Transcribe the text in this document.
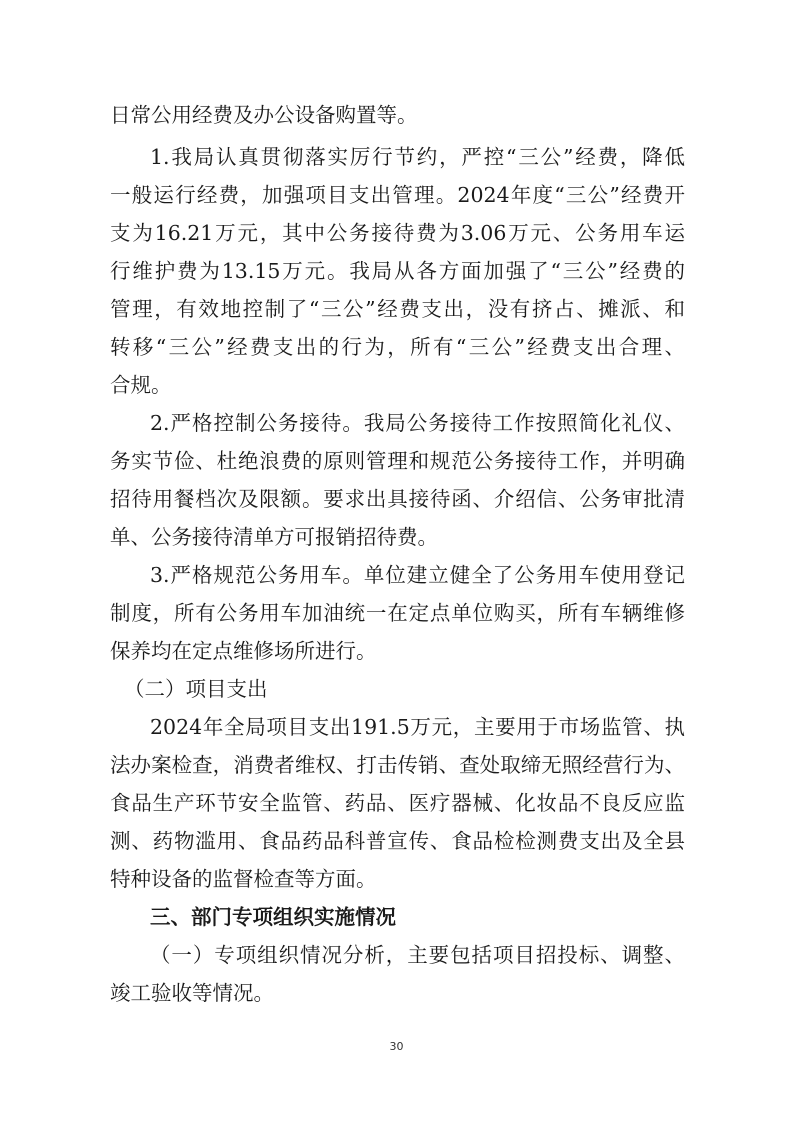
日常公用经费及办公设备购置等。
1.我局认真贯彻落实厉行节约，严控“三公”经费，降低
一般运行经费，加强项目支出管理。2024年度“三公”经费开
支为16.21万元，其中公务接待费为3.06万元、公务用车运
行维护费为13.15万元。我局从各方面加强了“三公”经费的
管理，有效地控制了“三公”经费支出，没有挤占、摊派、和
转移“三公”经费支出的行为，所有“三公”经费支出合理、
合规。
2.严格控制公务接待。我局公务接待工作按照简化礼仪、
务实节俭、杜绝浪费的原则管理和规范公务接待工作，并明确
招待用餐档次及限额。要求出具接待函、介绍信、公务审批清
单、公务接待清单方可报销招待费。
3.严格规范公务用车。单位建立健全了公务用车使用登记
制度，所有公务用车加油统一在定点单位购买，所有车辆维修
保养均在定点维修场所进行。
（二）项目支出
2024年全局项目支出191.5万元，主要用于市场监管、执
法办案检查，消费者维权、打击传销、查处取缔无照经营行为、
食品生产环节安全监管、药品、医疗器械、化妆品不良反应监
测、药物滥用、食品药品科普宣传、食品检检测费支出及全县
特种设备的监督检查等方面。
三、部门专项组织实施情况
（一）专项组织情况分析，主要包括项目招投标、调整、
竣工验收等情况。
30
